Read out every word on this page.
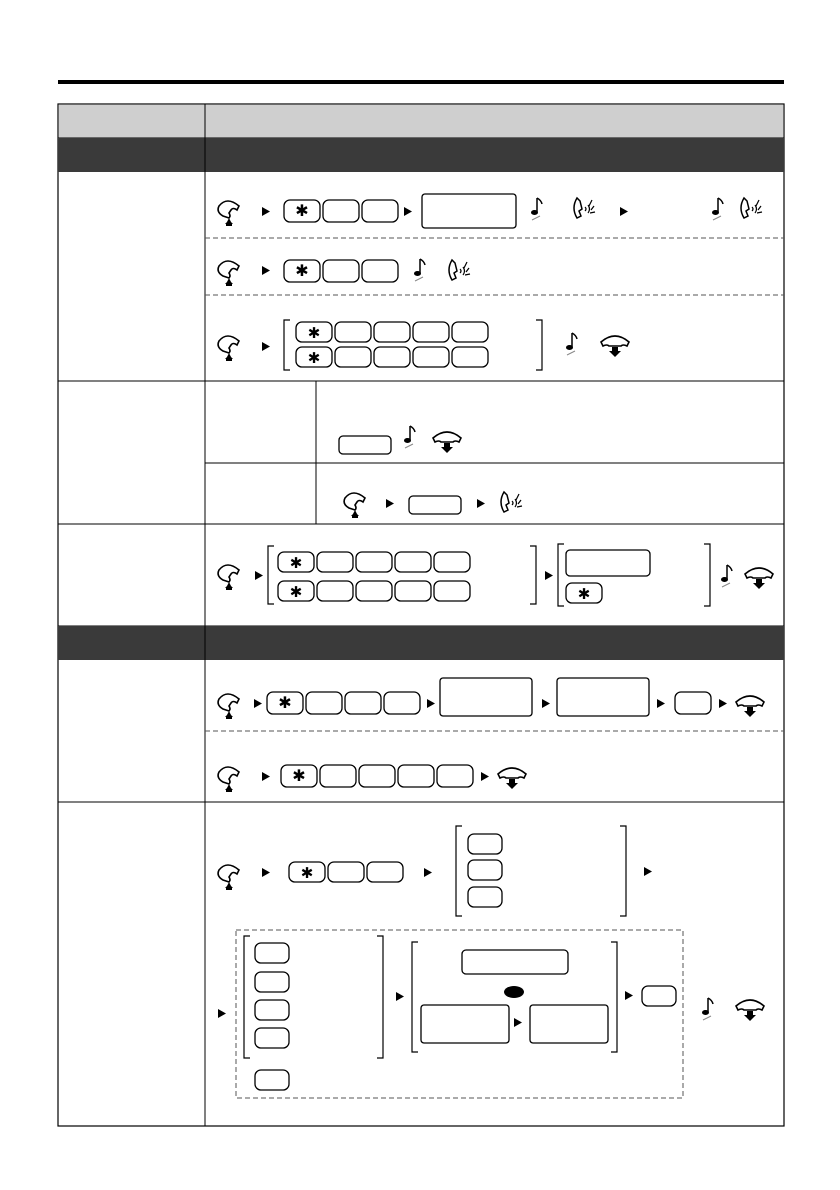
✱
✱
✱
✱
✱
✱	✱
✱
✱
✱
